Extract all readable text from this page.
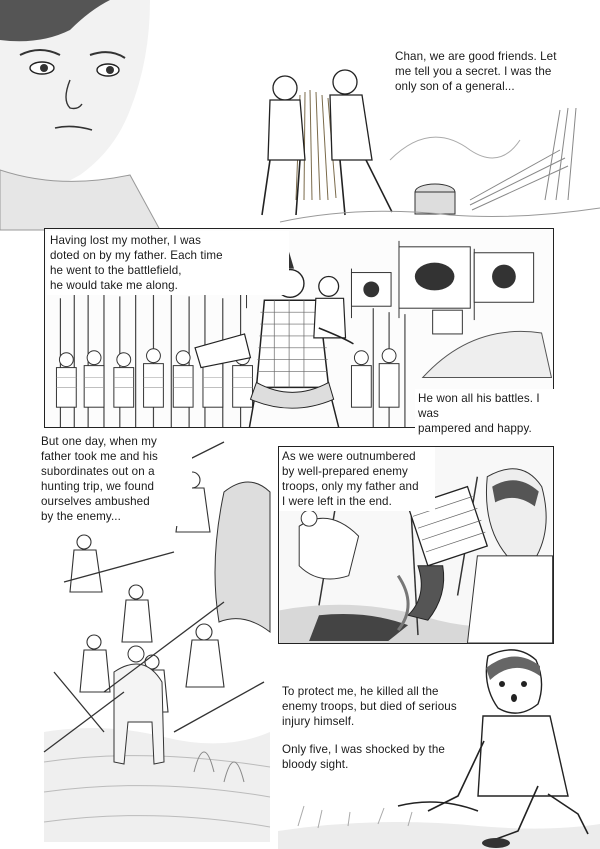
Chan, we are good friends. Let
me tell you a secret. I was the
only son of a general...

Having lost my mother, I was
doted on by my father. Each time
he went to the battlefield,
he would take me along.

He won all his battles. I was
pampered and happy.

But one day, when my
father took me and his
subordinates out on a
hunting trip, we found
ourselves ambushed
by the enemy...

As we were outnumbered
by well-prepared enemy
troops, only my father and
I were left in the end.

To protect me, he killed all the
enemy troops, but died of serious
injury himself.

Only five, I was shocked by the
bloody sight.
